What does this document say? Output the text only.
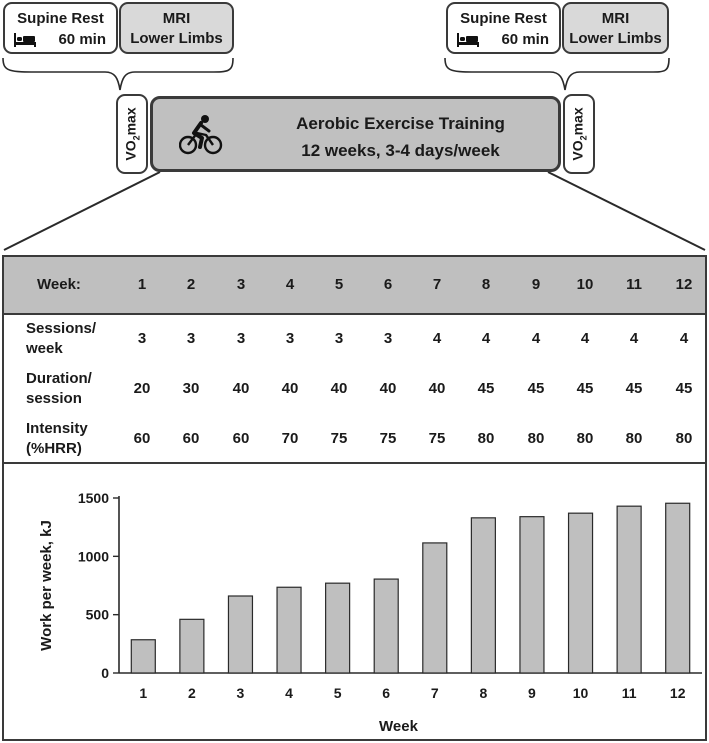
Supine Rest
60 min
MRI
Lower Limbs
Supine Rest
60 min
MRI
Lower Limbs
$VO_2\max$
$VO_2\max$
Aerobic Exercise Training
12 weeks, 3-4 days/week
Week:	1	2	3	4	5	6	7	8	9 10 11 12
Sessions/
week
3	3	3	3	3	3	4	4	4	4	4	4
Duration/
session
20 30 40 40 40 40 40 45 45 45 45 45
Intensity
(%HRR)
60 60 60 70 75 75 75 80 80 80 80 80
0
500
1000
1500
1	2	3	4	5	6	7	8	9	10 11 12
Week
Work per week, kJ
